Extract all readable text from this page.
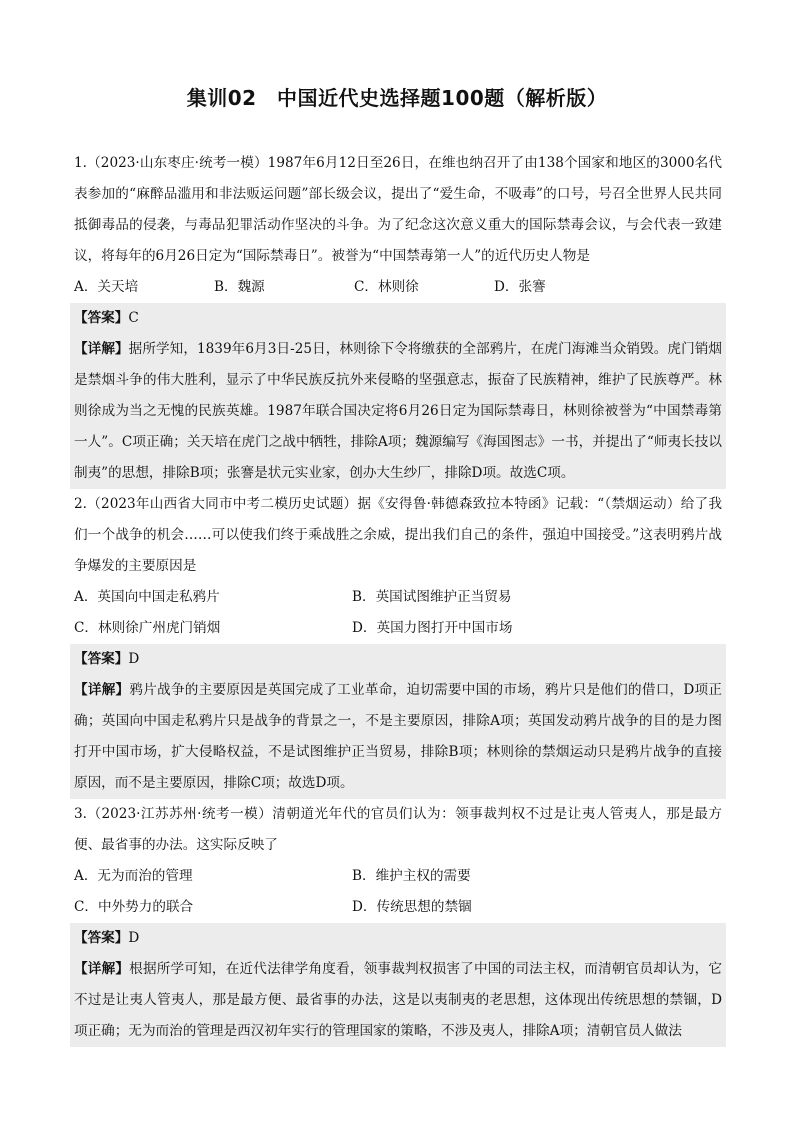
集训02　中国近代史选择题100题（解析版）

1.（2023·山东枣庄·统考一模）1987年6月12日至26日，在维也纳召开了由138个国家和地区的3000名代表参加的“麻醉品滥用和非法贩运问题”部长级会议，提出了“爱生命，不吸毒”的口号，号召全世界人民共同抵御毒品的侵袭，与毒品犯罪活动作坚决的斗争。为了纪念这次意义重大的国际禁毒会议，与会代表一致建议，将每年的6月26日定为“国际禁毒日”。被誉为“中国禁毒第一人”的近代历史人物是

A．关天培	B．魏源	C．林则徐	D．张謇
【答案】C

【详解】据所学知，1839年6月3日-25日，林则徐下令将缴获的全部鸦片，在虎门海滩当众销毁。虎门销烟是禁烟斗争的伟大胜利，显示了中华民族反抗外来侵略的坚强意志，振奋了民族精神，维护了民族尊严。林则徐成为当之无愧的民族英雄。1987年联合国决定将6月26日定为国际禁毒日，林则徐被誉为“中国禁毒第一人”。C项正确；关天培在虎门之战中牺牲，排除A项；魏源编写《海国图志》一书，并提出了“师夷长技以制夷”的思想，排除B项；张謇是状元实业家，创办大生纱厂，排除D项。故选C项。

2.（2023年山西省大同市中考二模历史试题）据《安得鲁·韩德森致拉本特函》记载：“（禁烟运动）给了我们一个战争的机会……可以使我们终于乘战胜之余威，提出我们自己的条件，强迫中国接受。”这表明鸦片战争爆发的主要原因是

A．英国向中国走私鸦片	B．英国试图维护正当贸易
C．林则徐广州虎门销烟	D．英国力图打开中国市场
【答案】D

【详解】鸦片战争的主要原因是英国完成了工业革命，迫切需要中国的市场，鸦片只是他们的借口，D项正确；英国向中国走私鸦片只是战争的背景之一，不是主要原因，排除A项；英国发动鸦片战争的目的是力图打开中国市场，扩大侵略权益，不是试图维护正当贸易，排除B项；林则徐的禁烟运动只是鸦片战争的直接原因，而不是主要原因，排除C项；故选D项。

3.（2023·江苏苏州·统考一模）清朝道光年代的官员们认为：领事裁判权不过是让夷人管夷人，那是最方便、最省事的办法。这实际反映了

A．无为而治的管理	B．维护主权的需要
C．中外势力的联合	D．传统思想的禁锢
【答案】D

【详解】根据所学可知，在近代法律学角度看，领事裁判权损害了中国的司法主权，而清朝官员却认为，它不过是让夷人管夷人，那是最方便、最省事的办法，这是以夷制夷的老思想，这体现出传统思想的禁锢，D项正确；无为而治的管理是西汉初年实行的管理国家的策略，不涉及夷人，排除A项；清朝官员人做法
